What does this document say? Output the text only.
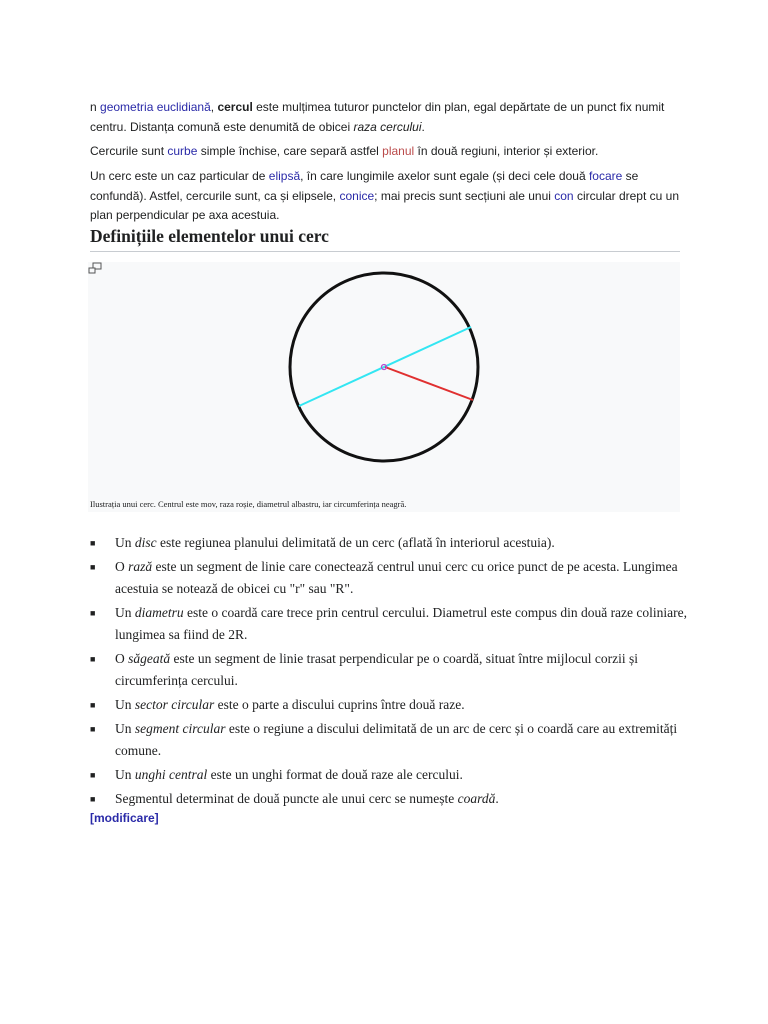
n geometria euclidiană, cercul este mulțimea tuturor punctelor din plan, egal depărtate de un punct fix numit centru. Distanța comună este denumită de obicei raza cercului.

Cercurile sunt curbe simple închise, care separă astfel planul în două regiuni, interior și exterior.

Un cerc este un caz particular de elipsă, în care lungimile axelor sunt egale (și deci cele două focare se confundă). Astfel, cercurile sunt, ca și elipsele, conice; mai precis sunt secțiuni ale unui con circular drept cu un plan perpendicular pe axa acestuia.

Definițiile elementelor unui cerc
Ilustrația unui cerc. Centrul este mov, raza roșie, diametrul albastru, iar circumferința neagră.
■ Un disc este regiunea planului delimitată de un cerc (aflată în interiorul acestuia).
■ O rază este un segment de linie care conectează centrul unui cerc cu orice punct de pe acesta. Lungimea acestuia se notează de obicei cu "r" sau "R".
■ Un diametru este o coardă care trece prin centrul cercului. Diametrul este compus din două raze coliniare, lungimea sa fiind de 2R.
■ O săgeată este un segment de linie trasat perpendicular pe o coardă, situat între mijlocul corzii și circumferința cercului.
■ Un sector circular este o parte a discului cuprins între două raze.
■ Un segment circular este o regiune a discului delimitată de un arc de cerc și o coardă care au extremități comune.
■ Un unghi central este un unghi format de două raze ale cercului.
■ Segmentul determinat de două puncte ale unui cerc se numește coardă.
[modificare]
